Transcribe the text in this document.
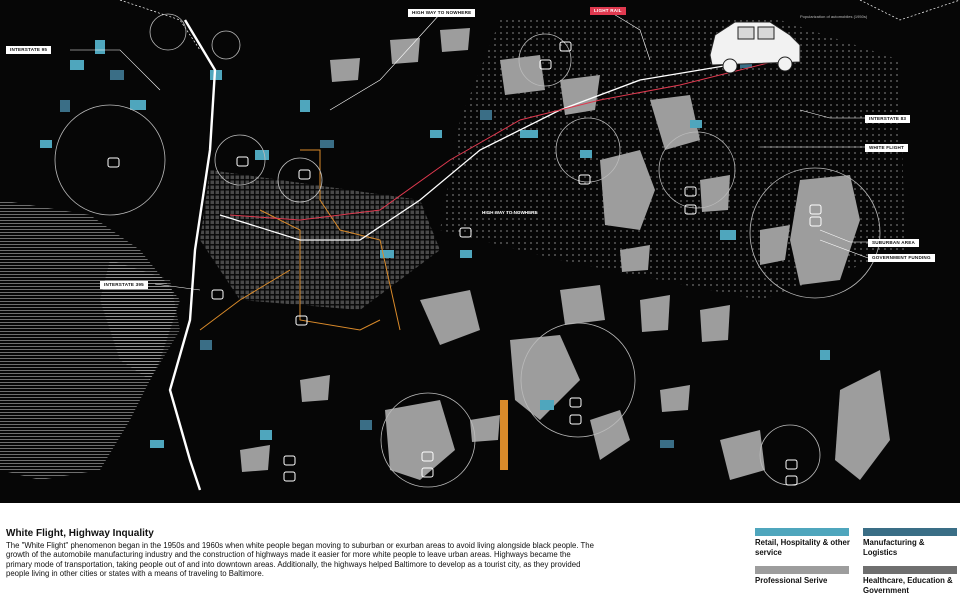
INTERSTATE 95
HIGH WAY TO NOWHERE	LIGHT RAIL
INTERSTATE 83
WHITE FLIGHT
INTERSTATE 395
SUBURBAN AREA
GOVERNMENT FUNDING
HIGH WAY TO NOWHERE
Popularization of automobiles (1950s)
White Flight, Highway Inquality
The "White Flight" phenomenon began in the 1950s and 1960s when white people began moving to suburban or exurban areas to avoid living alongside black people. The growth of the automobile manufacturing industry and the construction of highways made it easier for more white people to leave urban areas. Highways became the primary mode of transportation, taking people out of and into downtown areas. Additionally, the highways helped Baltimore to develop as a tourist city, as they provided people living in other cities or states with a means of traveling to Baltimore.
Retail, Hospitality & other service
Manufacturing & Logistics
Professional Serive	Healthcare, Education & Government
